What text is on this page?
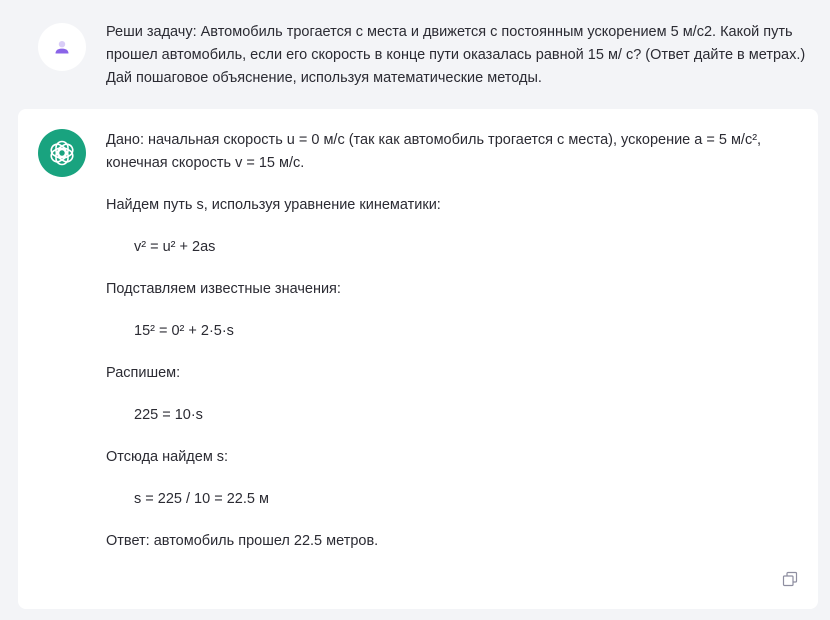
Реши задачу: Автомобиль трогается с места и движется с постоянным ускорением 5 м/с2. Какой путь прошел автомобиль, если его скорость в конце пути оказалась равной 15 м/ с? (Ответ дайте в метрах.) Дай пошаговое объяснение, используя математические методы.

Дано: начальная скорость u = 0 м/с (так как автомобиль трогается с места), ускорение a = 5 м/с², конечная скорость v = 15 м/с.

Найдем путь s, используя уравнение кинематики:

v² = u² + 2as

Подставляем известные значения:

15² = 0² + 2·5·s

Распишем:

225 = 10·s

Отсюда найдем s:

s = 225 / 10 = 22.5 м

Ответ: автомобиль прошел 22.5 метров.
